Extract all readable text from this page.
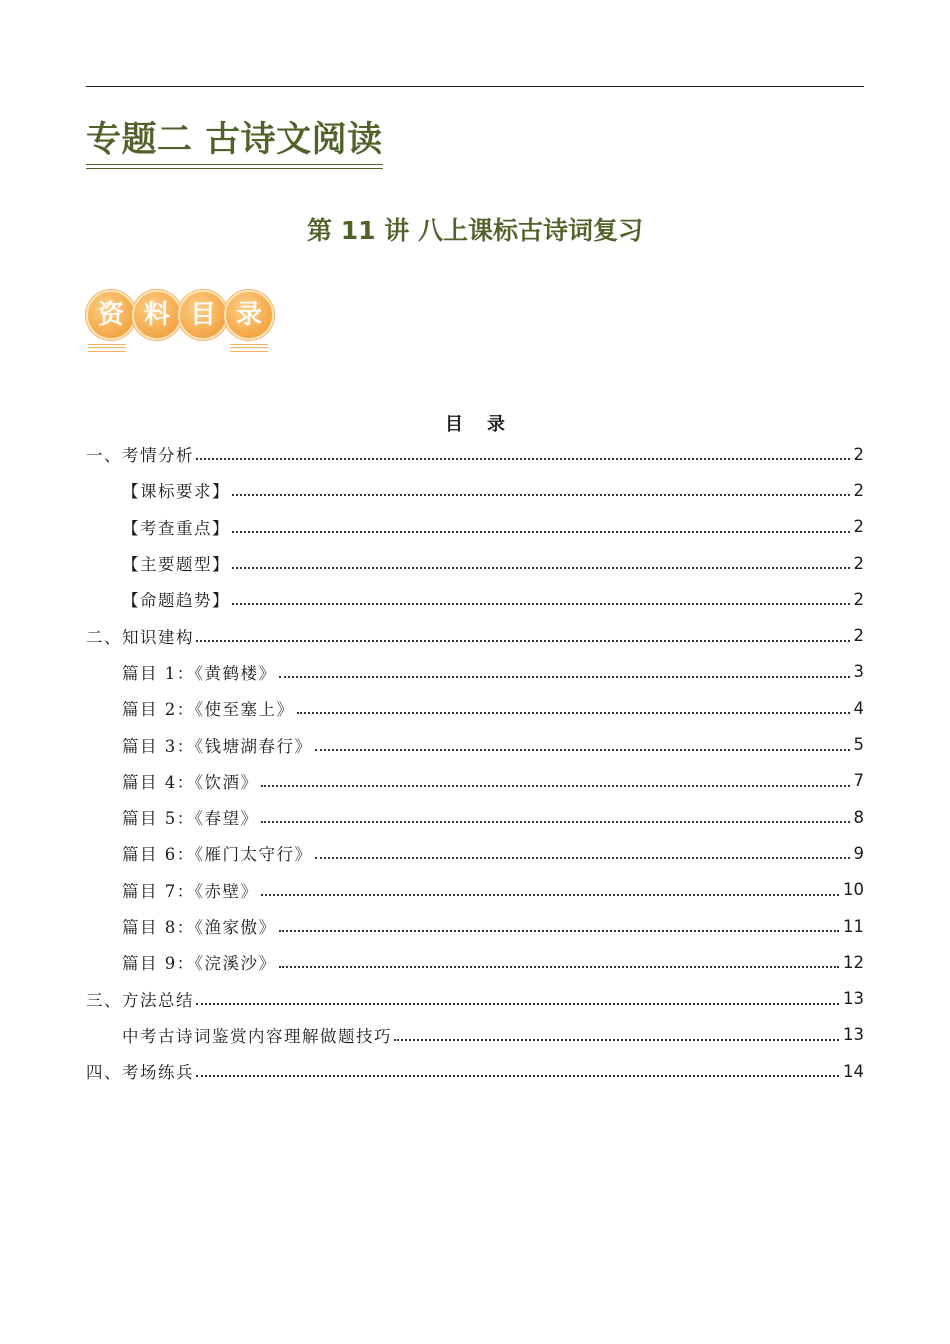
专题二 古诗文阅读
第 11 讲 八上课标古诗词复习
资 料 目 录
目录
一、考情分析	2
【课标要求】	2
【考查重点】	2
【主要题型】	2
【命题趋势】	2
二、知识建构	2
篇目 1：《黄鹤楼》	3
篇目 2：《使至塞上》	4
篇目 3：《钱塘湖春行》	5
篇目 4：《饮酒》	7
篇目 5：《春望》	8
篇目 6：《雁门太守行》	9
篇目 7：《赤壁》	10
篇目 8：《渔家傲》	11
篇目 9：《浣溪沙》	12
三、方法总结	13
中考古诗词鉴赏内容理解做题技巧	13
四、考场练兵	14
